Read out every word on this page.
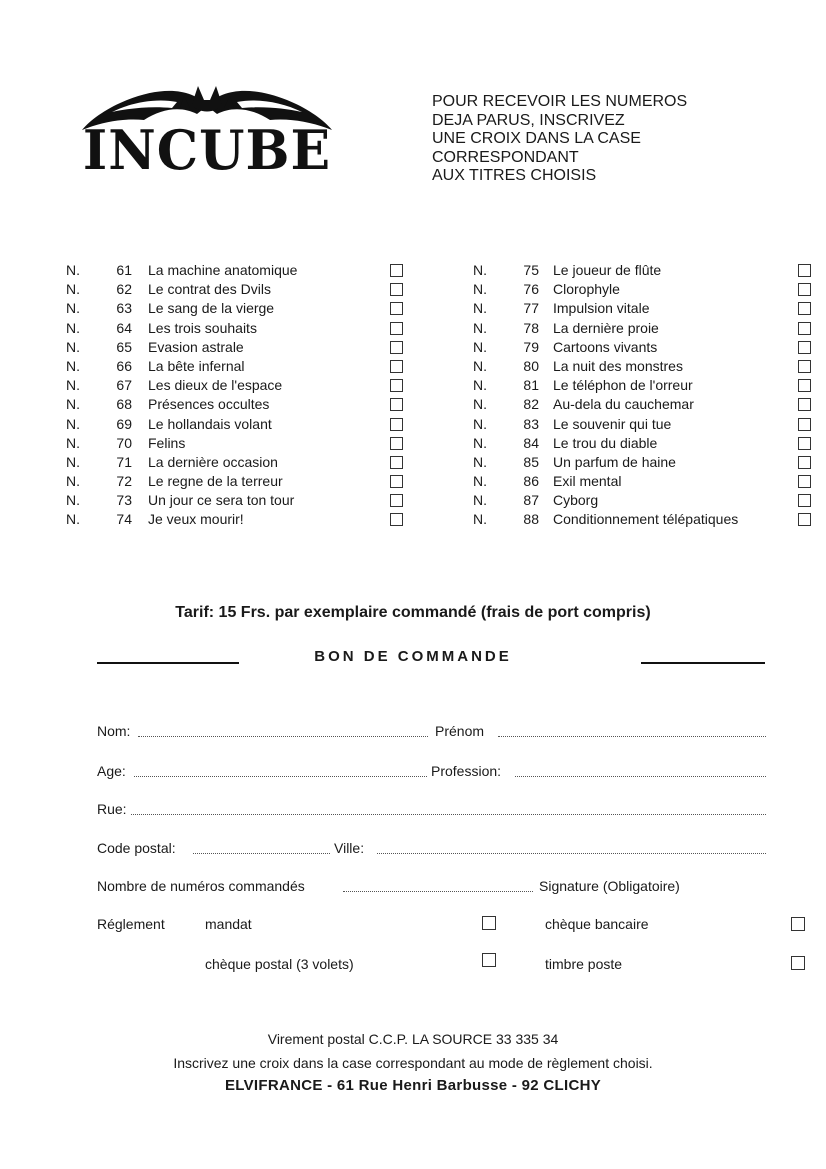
INCUBE
POUR RECEVOIR LES NUMEROS
DEJA PARUS, INSCRIVEZ
UNE CROIX DANS LA CASE
CORRESPONDANT
AUX TITRES CHOISIS
N.	61 La machine anatomique
N.	62 Le contrat des Dvils
N.	63 Le sang de la vierge
N.	64 Les trois souhaits
N.	65 Evasion astrale
N.	66 La bête infernal
N.	67 Les dieux de l'espace
N.	68 Présences occultes
N.	69 Le hollandais volant
N.	70 Felins
N.	71 La dernière occasion
N.	72 Le regne de la terreur
N.	73 Un jour ce sera ton tour
N.	74 Je veux mourir!
N.	75 Le joueur de flûte
N.	76 Clorophyle
N.	77 Impulsion vitale
N.	78 La dernière proie
N.	79 Cartoons vivants
N.	80 La nuit des monstres
N.	81 Le téléphon de l'orreur
N.	82 Au-dela du cauchemar
N.	83 Le souvenir qui tue
N.	84 Le trou du diable
N.	85 Un parfum de haine
N.	86 Exil mental
N.	87 Cyborg
N.	88 Conditionnement télépatiques
Tarif: 15 Frs. par exemplaire commandé (frais de port compris)
BON DE COMMANDE
Nom:	Prénom
Age:	Profession:
Rue:
Code postal:	Ville:
Nombre de numéros commandés	Signature (Obligatoire)
Réglement	mandat	chèque bancaire
chèque postal (3 volets)	timbre poste
Virement postal C.C.P. LA SOURCE 33 335 34
Inscrivez une croix dans la case correspondant au mode de règlement choisi.
ELVIFRANCE - 61 Rue Henri Barbusse - 92 CLICHY
